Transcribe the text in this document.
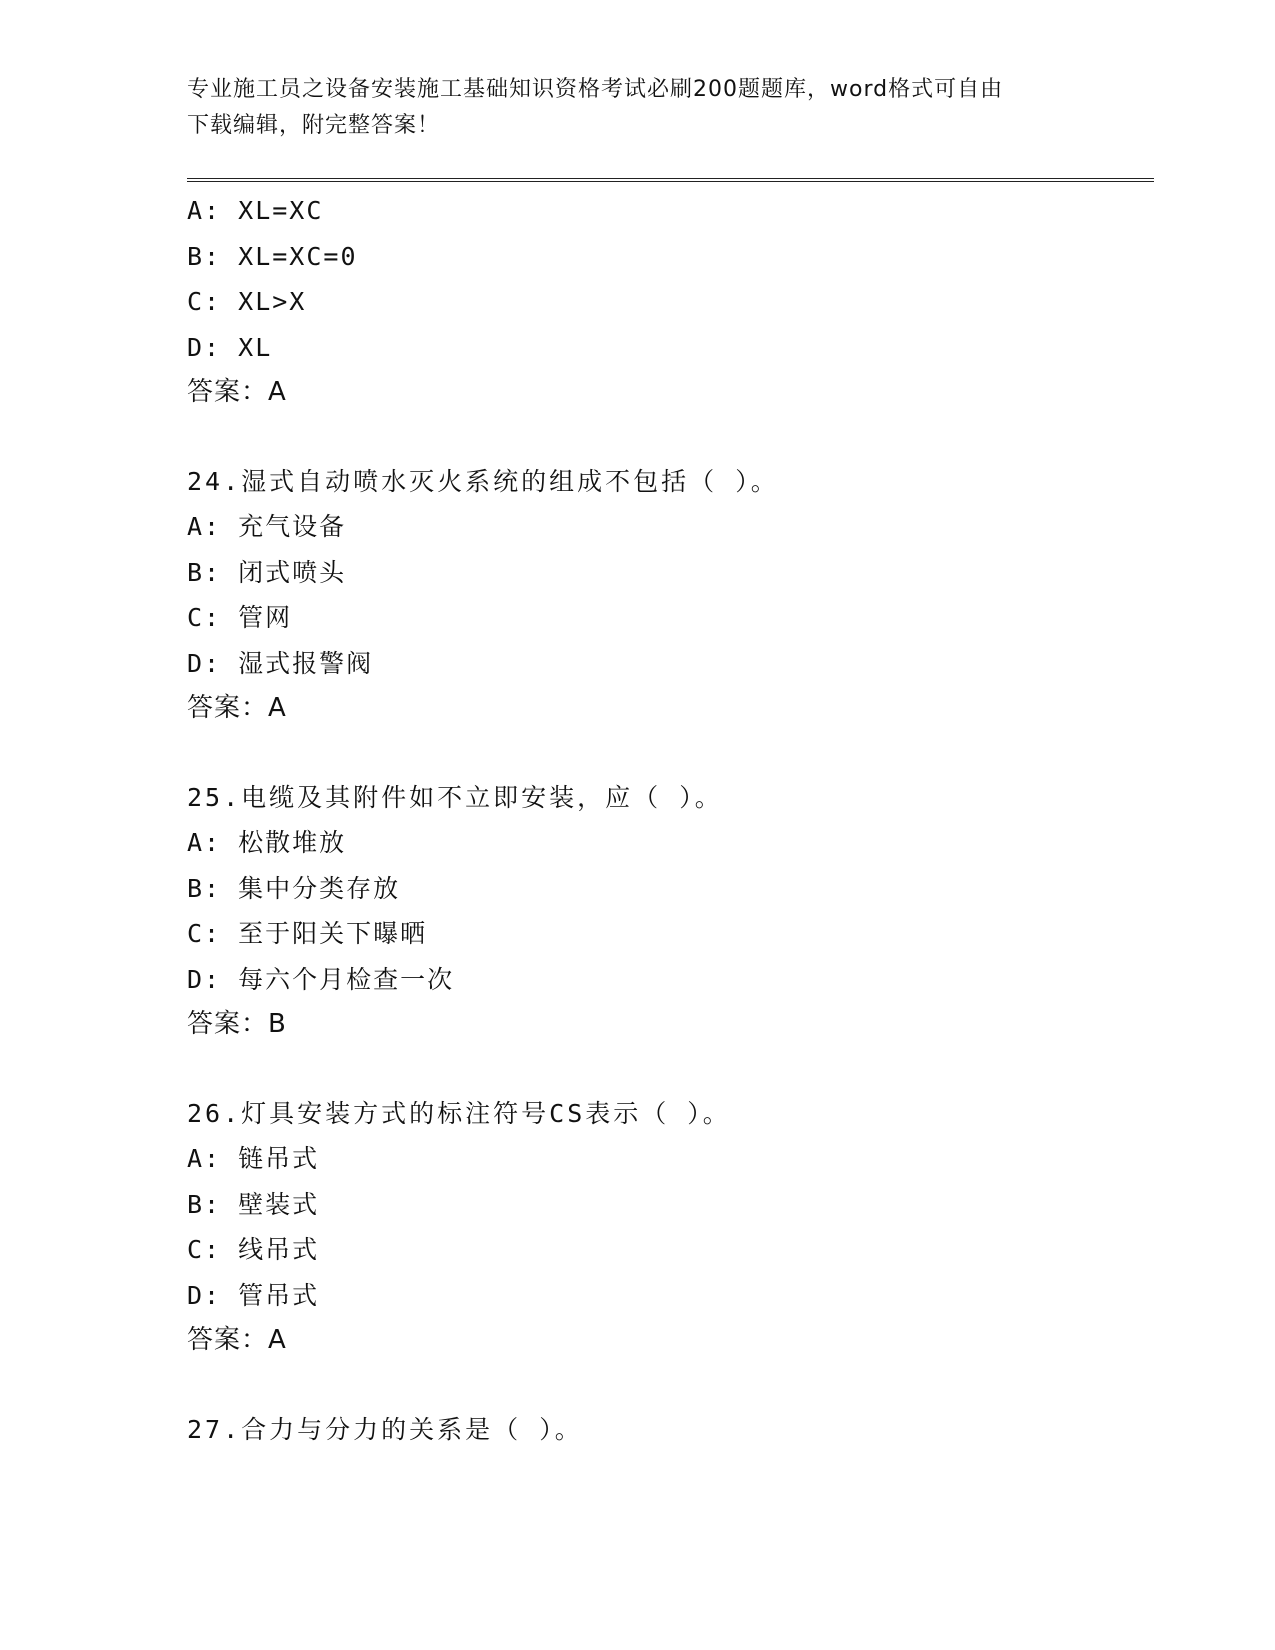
专业施工员之设备安装施工基础知识资格考试必刷200题题库，word格式可自由
下载编辑，附完整答案！
A: XL=XC
B: XL=XC=0
C: XL>X
D: XL
答案：A
24.湿式自动喷水灭火系统的组成不包括（ ）。
A: 充气设备
B: 闭式喷头
C: 管网
D: 湿式报警阀
答案：A
25.电缆及其附件如不立即安装，应（ ）。
A: 松散堆放
B: 集中分类存放
C: 至于阳关下曝晒
D: 每六个月检查一次
答案：B
26.灯具安装方式的标注符号CS表示（ ）。
A: 链吊式
B: 壁装式
C: 线吊式
D: 管吊式
答案：A
27.合力与分力的关系是（ ）。
